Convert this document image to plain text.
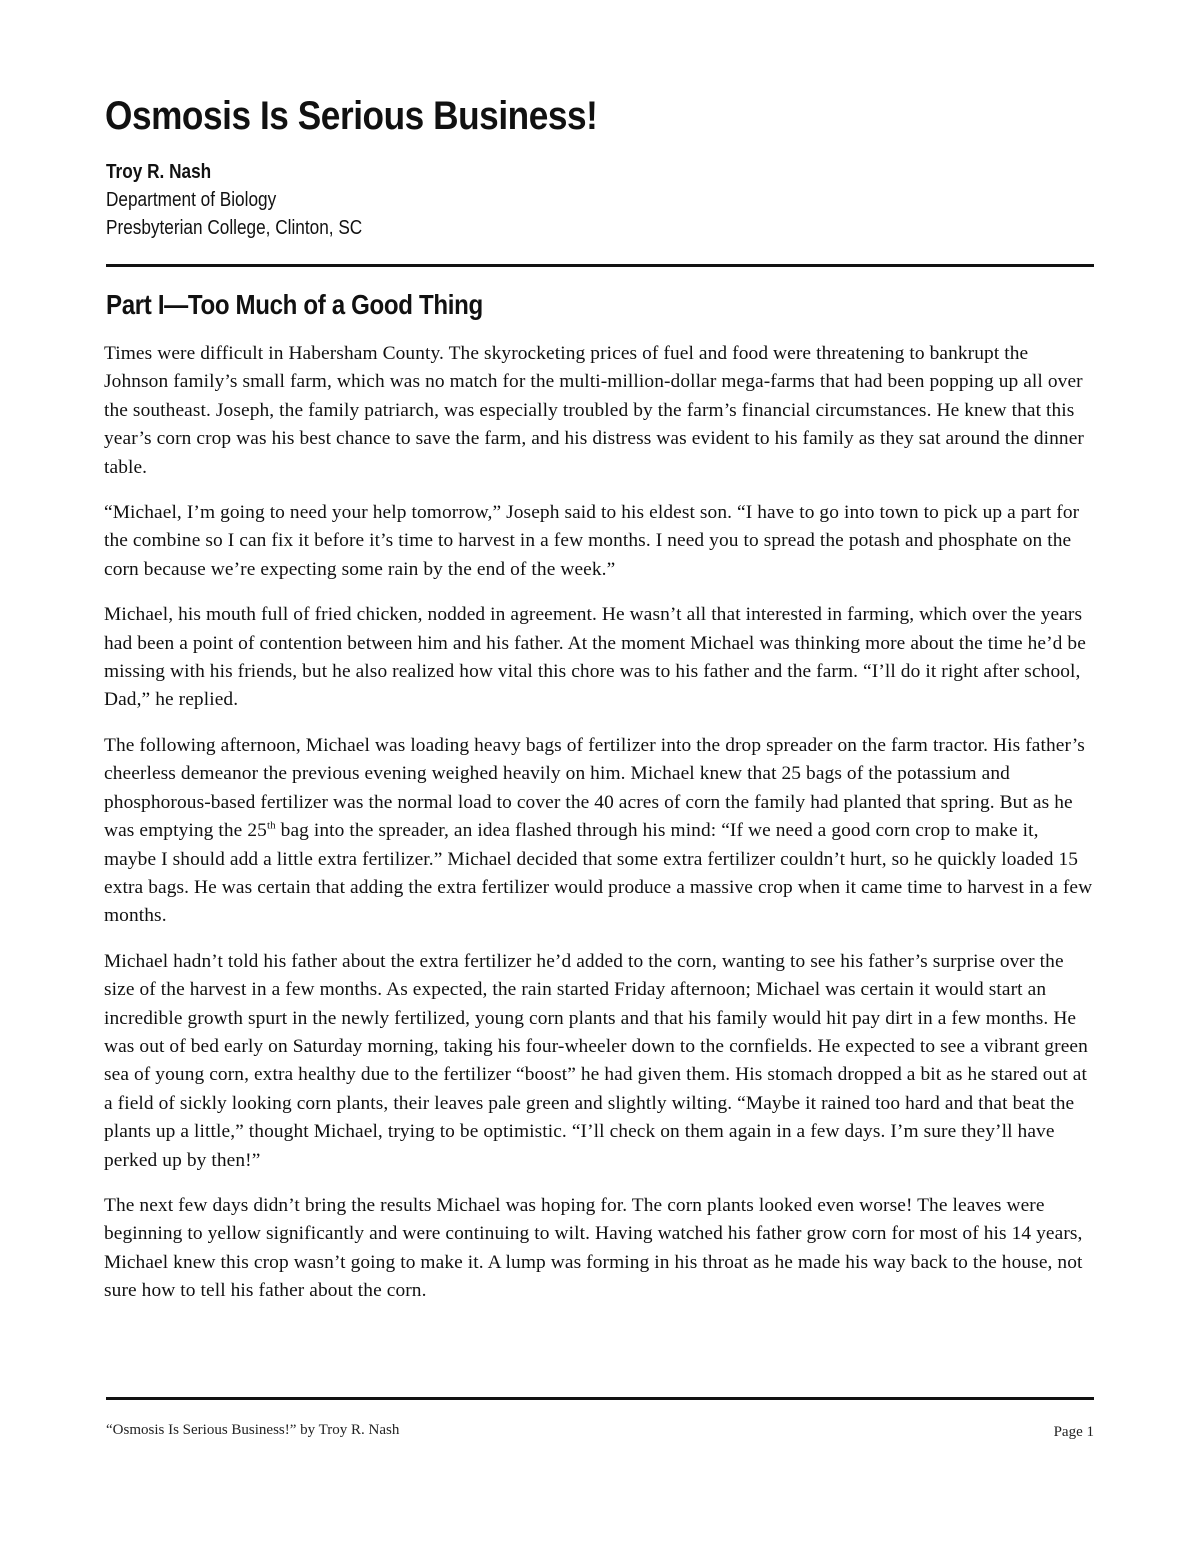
Osmosis Is Serious Business!
Troy R. Nash
Department of Biology
Presbyterian College, Clinton, SC
Part I—Too Much of a Good Thing

Times were difficult in Habersham County. The skyrocketing prices of fuel and food were threatening to bankrupt the Johnson family’s small farm, which was no match for the multi-million-dollar mega-farms that had been popping up all over the southeast. Joseph, the family patriarch, was especially troubled by the farm’s financial circumstances. He knew that this year’s corn crop was his best chance to save the farm, and his distress was evident to his family as they sat around the dinner table.

“Michael, I’m going to need your help tomorrow,” Joseph said to his eldest son. “I have to go into town to pick up a part for the combine so I can fix it before it’s time to harvest in a few months. I need you to spread the potash and phosphate on the corn because we’re expecting some rain by the end of the week.”

Michael, his mouth full of fried chicken, nodded in agreement. He wasn’t all that interested in farming, which over the years had been a point of contention between him and his father. At the moment Michael was thinking more about the time he’d be missing with his friends, but he also realized how vital this chore was to his father and the farm. “I’ll do it right after school, Dad,” he replied.

The following afternoon, Michael was loading heavy bags of fertilizer into the drop spreader on the farm tractor. His father’s cheerless demeanor the previous evening weighed heavily on him. Michael knew that 25 bags of the potassium and phosphorous-based fertilizer was the normal load to cover the 40 acres of corn the family had planted that spring. But as he was emptying the 25th bag into the spreader, an idea flashed through his mind: “If we need a good corn crop to make it, maybe I should add a little extra fertilizer.” Michael decided that some extra fertilizer couldn’t hurt, so he quickly loaded 15 extra bags. He was certain that adding the extra fertilizer would produce a massive crop when it came time to harvest in a few months.

Michael hadn’t told his father about the extra fertilizer he’d added to the corn, wanting to see his father’s surprise over the size of the harvest in a few months. As expected, the rain started Friday afternoon; Michael was certain it would start an incredible growth spurt in the newly fertilized, young corn plants and that his family would hit pay dirt in a few months. He was out of bed early on Saturday morning, taking his four-wheeler down to the cornfields. He expected to see a vibrant green sea of young corn, extra healthy due to the fertilizer “boost” he had given them. His stomach dropped a bit as he stared out at a field of sickly looking corn plants, their leaves pale green and slightly wilting. “Maybe it rained too hard and that beat the plants up a little,” thought Michael, trying to be optimistic. “I’ll check on them again in a few days. I’m sure they’ll have perked up by then!”

The next few days didn’t bring the results Michael was hoping for. The corn plants looked even worse! The leaves were beginning to yellow significantly and were continuing to wilt. Having watched his father grow corn for most of his 14 years, Michael knew this crop wasn’t going to make it. A lump was forming in his throat as he made his way back to the house, not sure how to tell his father about the corn.

“Osmosis Is Serious Business!” by Troy R. Nash	Page 1
